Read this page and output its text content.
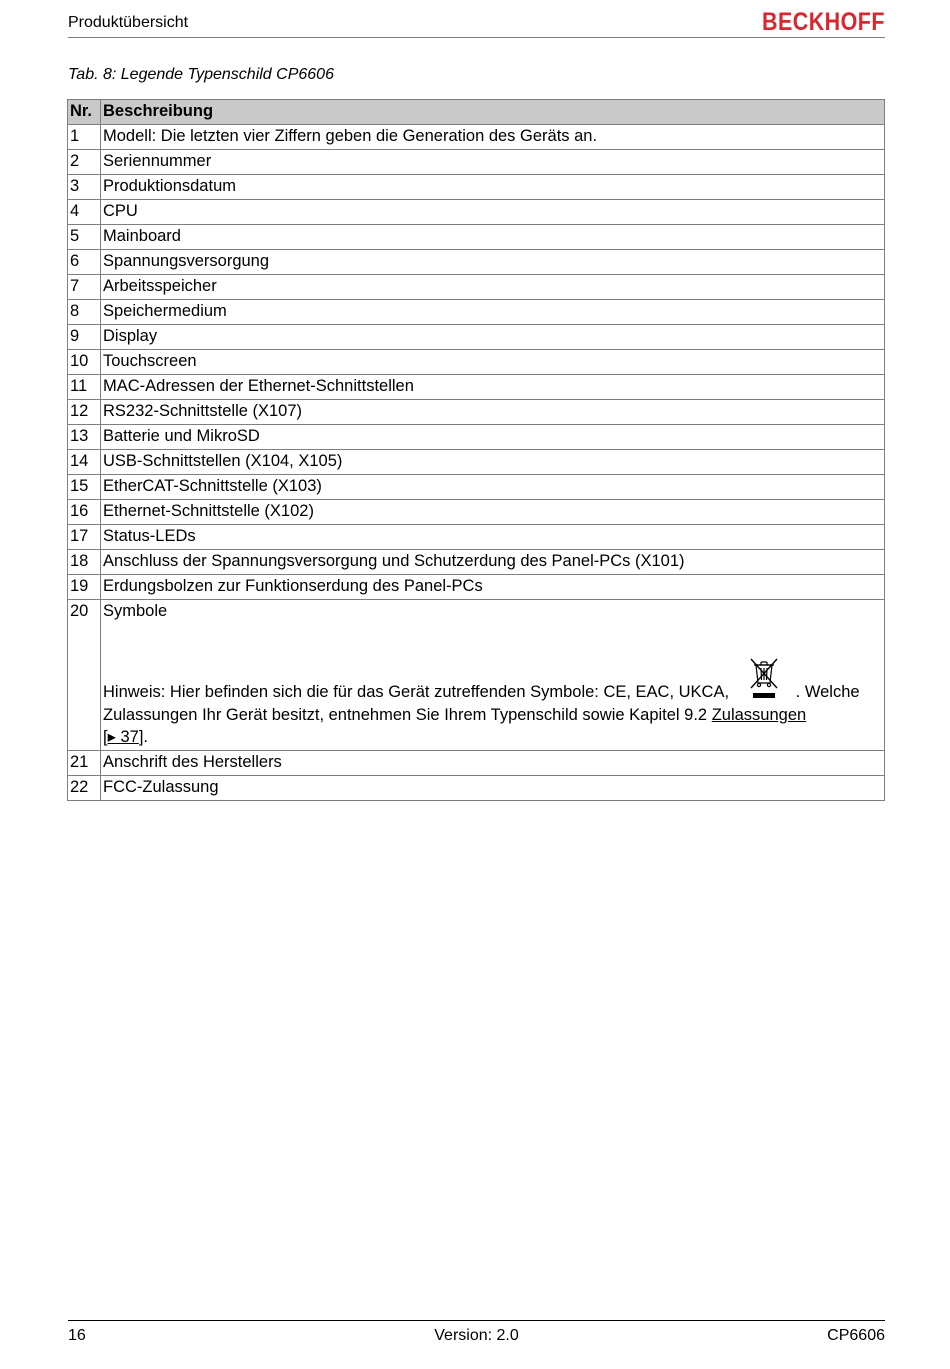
Produktübersicht	BECKHOFF
Tab. 8: Legende Typenschild CP6606
Nr.	Beschreibung
1	Modell: Die letzten vier Ziffern geben die Generation des Geräts an.
2	Seriennummer
3	Produktionsdatum
4	CPU
5	Mainboard
6	Spannungsversorgung
7	Arbeitsspeicher
8	Speichermedium
9	Display
10	Touchscreen
11	MAC-Adressen der Ethernet-Schnittstellen
12	RS232-Schnittstelle (X107)
13	Batterie und MikroSD
14	USB-Schnittstellen (X104, X105)
15	EtherCAT-Schnittstelle (X103)
16	Ethernet-Schnittstelle (X102)
17	Status-LEDs
18	Anschluss der Spannungsversorgung und Schutzerdung des Panel-PCs (X101)
19	Erdungsbolzen zur Funktionserdung des Panel-PCs
20	Symbole
Hinweis: Hier befinden sich die für das Gerät zutreffenden Symbole: CE, EAC, UKCA, . Welche Zulassungen Ihr Gerät besitzt, entnehmen Sie Ihrem Typenschild sowie Kapitel 9.2 Zulassungen
[▸ 37].

21	Anschrift des Herstellers
22	FCC-Zulassung
16	Version: 2.0	CP6606
